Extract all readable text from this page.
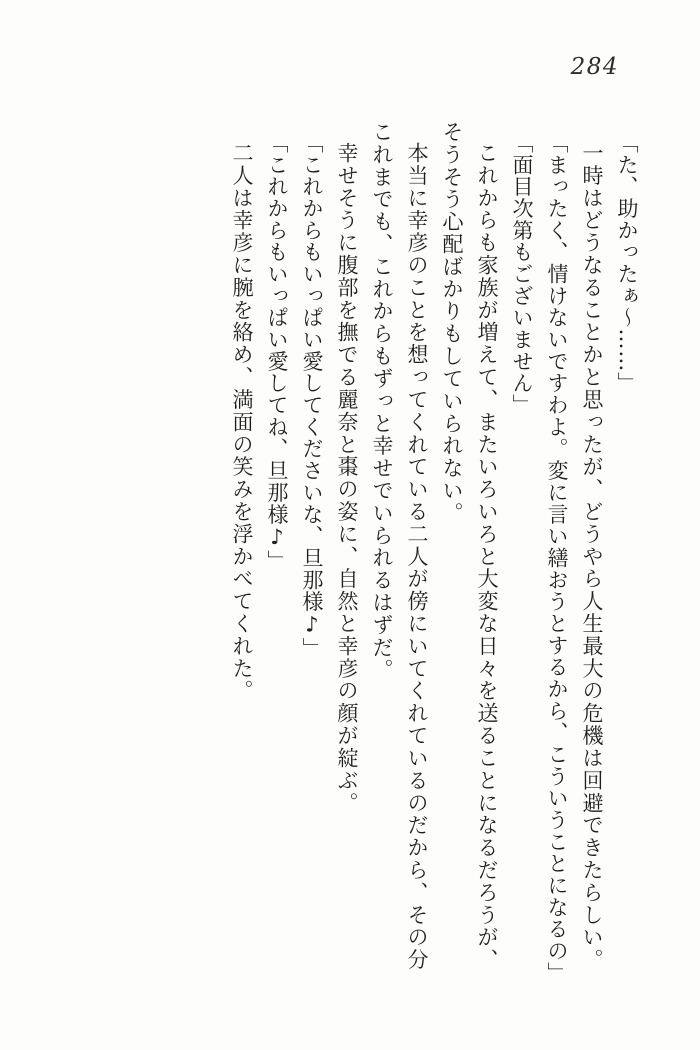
284

「た、助かったぁ〜……」

一時はどうなることかと思ったが、どうやら人生最大の危機は回避できたらしい。

「まったく、情けないですわよ。変に言い繕おうとするから、こういうことになるの」

「面目次第もございません」

これからも家族が増えて、またいろいろと大変な日々を送ることになるだろうが、そうそう心配ばかりもしていられない。

本当に幸彦のことを想ってくれている二人が傍にいてくれているのだから、その分これまでも、これからもずっと幸せでいられるはずだ。

幸せそうに腹部を撫でる麗奈と棗の姿に、自然と幸彦の顔が綻ぶ。

「これからもいっぱい愛してくださいな、旦那様♪」

「これからもいっぱい愛してね、旦那様♪」

二人は幸彦に腕を絡め、満面の笑みを浮かべてくれた。
